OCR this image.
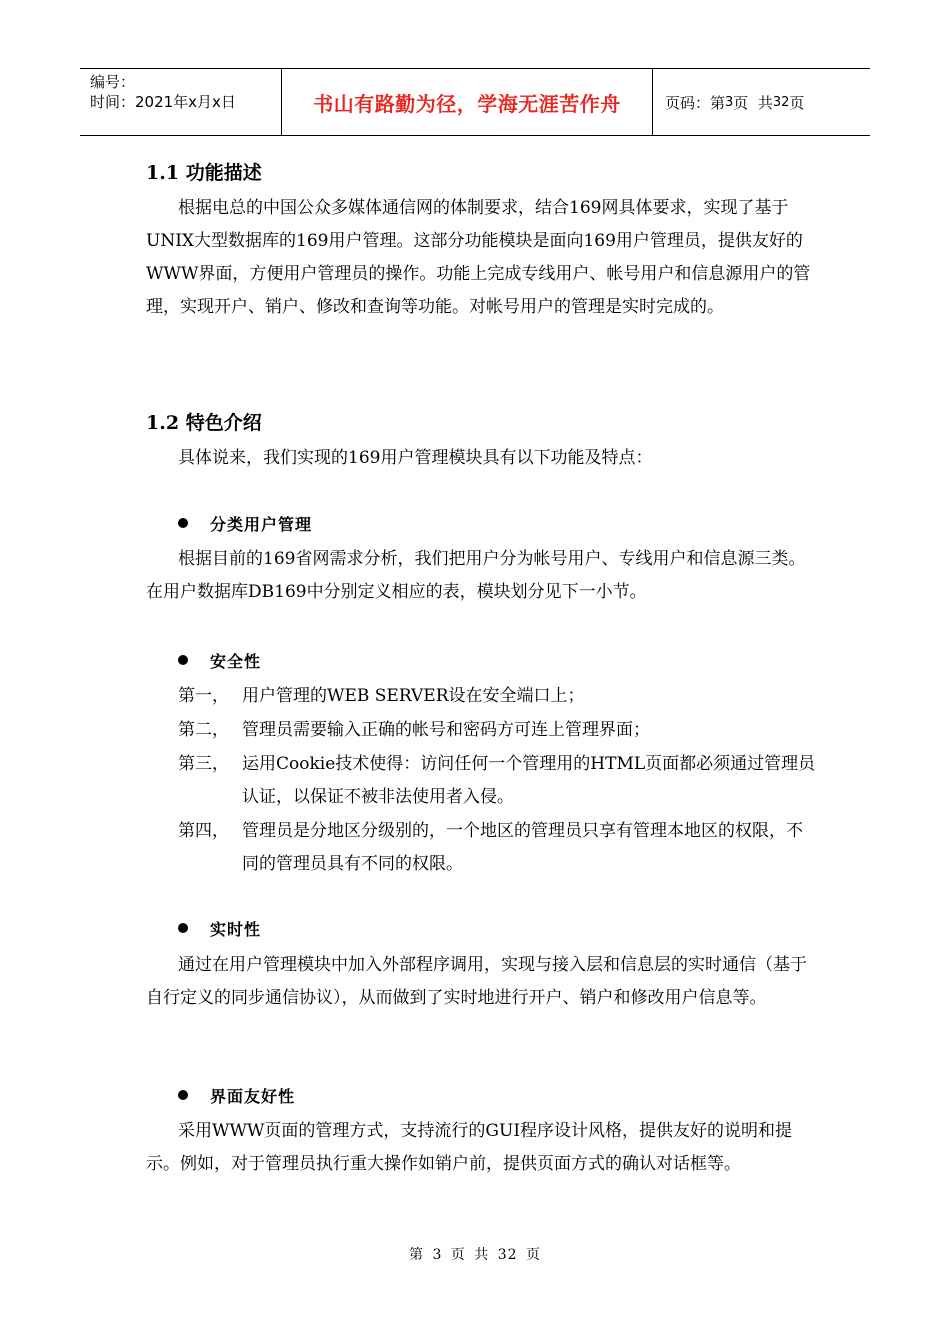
编号：
时间：2021年x月x日	书山有路勤为径，学海无涯苦作舟	页码：第 3 页  共 32 页
1.1 功能描述
根据电总的中国公众多媒体通信网的体制要求，结合169网具体要求，实现了基于UNIX大型数据库的169用户管理。这部分功能模块是面向169用户管理员，提供友好的WWW界面，方便用户管理员的操作。功能上完成专线用户、帐号用户和信息源用户的管理，实现开户、销户、修改和查询等功能。对帐号用户的管理是实时完成的。
1.2 特色介绍
具体说来，我们实现的169用户管理模块具有以下功能及特点：
分类用户管理
根据目前的169省网需求分析，我们把用户分为帐号用户、专线用户和信息源三类。在用户数据库DB169中分别定义相应的表，模块划分见下一小节。
安全性
第一， 用户管理的WEB SERVER设在安全端口上；
第二， 管理员需要输入正确的帐号和密码方可连上管理界面；
第三， 运用Cookie技术使得：访问任何一个管理用的HTML页面都必须通过管理员认证，以保证不被非法使用者入侵。
第四， 管理员是分地区分级别的，一个地区的管理员只享有管理本地区的权限，不同的管理员具有不同的权限。
实时性
通过在用户管理模块中加入外部程序调用，实现与接入层和信息层的实时通信（基于自行定义的同步通信协议），从而做到了实时地进行开户、销户和修改用户信息等。
界面友好性
采用WWW页面的管理方式，支持流行的GUI程序设计风格，提供友好的说明和提示。例如，对于管理员执行重大操作如销户前，提供页面方式的确认对话框等。
第 3 页 共 32 页
